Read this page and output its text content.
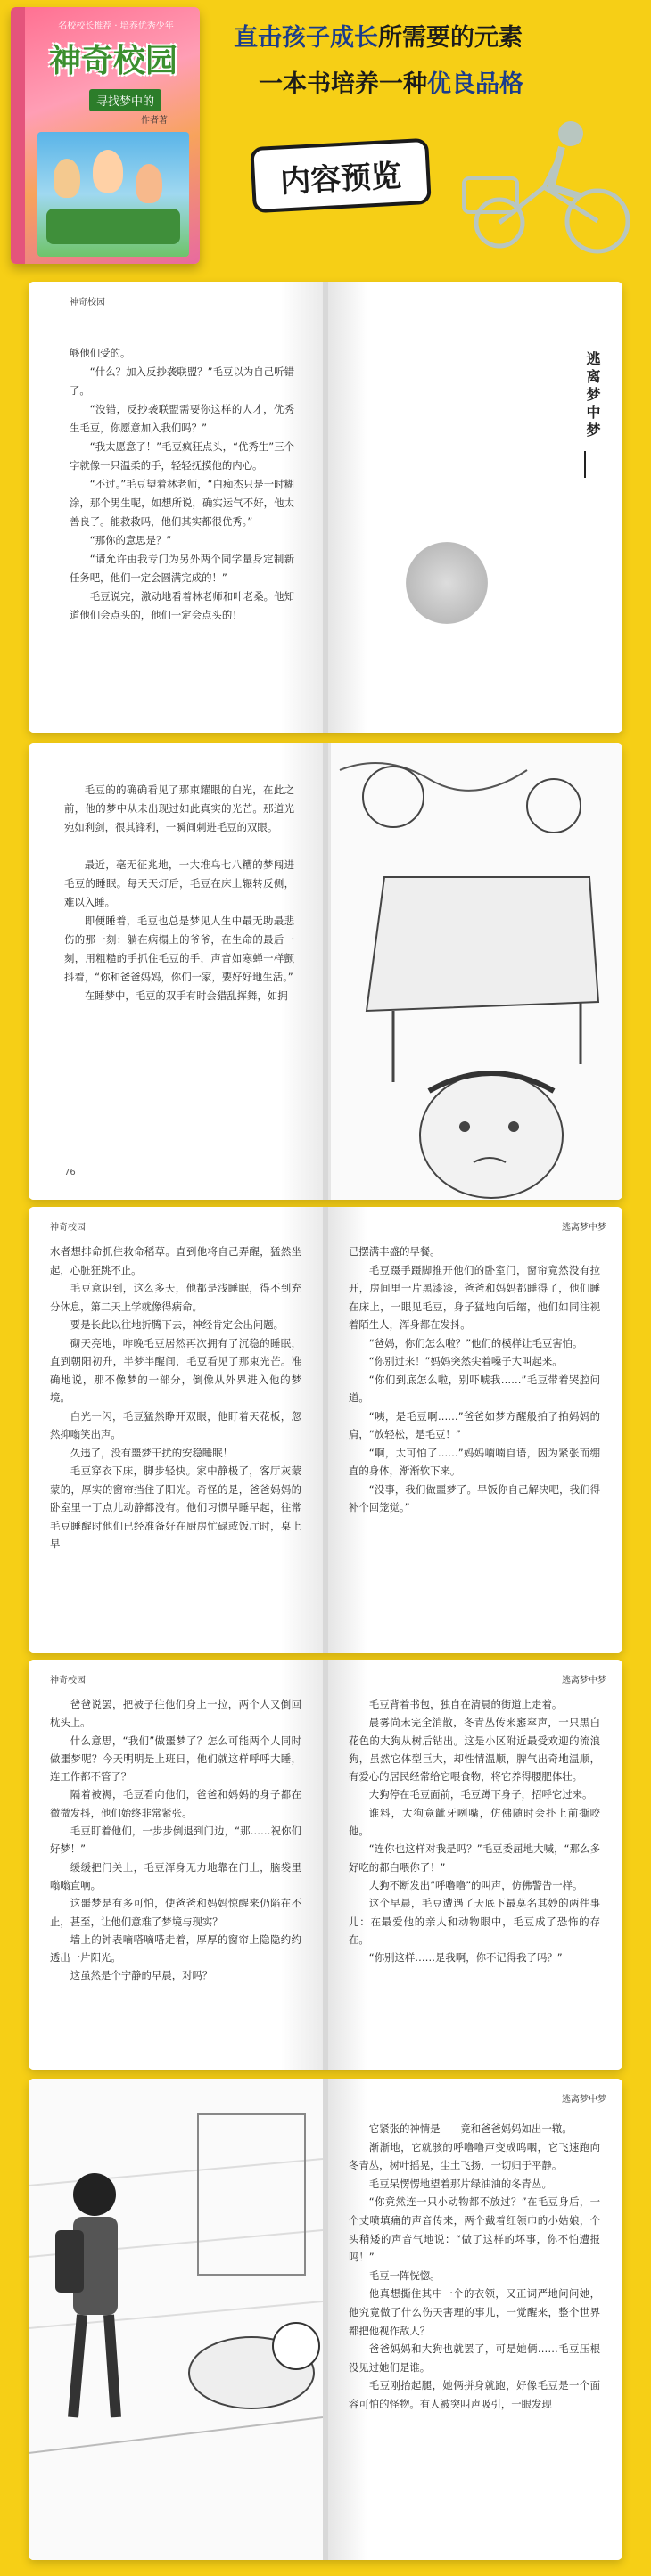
名校校长推荐 · 培养优秀少年
神奇校园
寻找梦中的
作者著
直击孩子成长所需要的元素
一本书培养一种优良品格
内容预览
神奇校园

够他们受的。

“什么？加入反抄袭联盟？”毛豆以为自己听错了。

“没错，反抄袭联盟需要你这样的人才，优秀生毛豆，你愿意加入我们吗？”

“我太愿意了！”毛豆疯狂点头，“优秀生”三个字就像一只温柔的手，轻轻抚摸他的内心。

“不过。”毛豆望着林老师，“白痴杰只是一时糊涂，那个男生呢，如想所说，确实运气不好，他太善良了。能救救吗，他们其实都很优秀。”

“那你的意思是？”

“请允许由我专门为另外两个同学量身定制新任务吧，他们一定会圆满完成的！”

毛豆说完，激动地看着林老师和叶老桑。他知道他们会点头的，他们一定会点头的！

逃离梦中梦

毛豆的的确确看见了那束耀眼的白光，在此之前，他的梦中从未出现过如此真实的光芒。那道光宛如利剑，很其锋利，一瞬间刺进毛豆的双眼。

最近，毫无征兆地，一大堆乌七八糟的梦闯进毛豆的睡眠。每天天灯后，毛豆在床上辗转反侧，难以入睡。

即便睡着，毛豆也总是梦见人生中最无助最悲伤的那一刻：躺在病榻上的爷爷，在生命的最后一刻，用粗糙的手抓住毛豆的手，声音如寒蝉一样颤抖着，“你和爸爸妈妈，你们一家，要好好地生活。”

在睡梦中，毛豆的双手有时会猎乱挥舞，如拥

76
神奇校园

水者想排命抓住救命稻草。直到他将自己弄醒，猛然坐起，心脏狂跳不止。

毛豆意识到，这么多天，他都是浅睡眠，得不到充分休息，第二天上学就像得病命。

要是长此以往地折腾下去，神经肯定会出问题。

砌天亮地，咋晚毛豆居然再次拥有了沉稳的睡眠，直到朝阳初升，半梦半醒间，毛豆看见了那束光芒。准确地说，那不像梦的一部分，倒像从外界进入他的梦境。

白光一闪，毛豆猛然睁开双眼，他盯着天花板，忽然抑嗡笑出声。

久违了，没有噩梦干扰的安稳睡眠！

毛豆穿衣下床，脚步轻快。家中静极了，客厅灰蒙蒙的，厚实的窗帘挡住了阳光。奇怪的是，爸爸妈妈的卧室里一丁点儿动静都没有。他们习惯早睡早起，往常毛豆睡醒时他们已经准备好在厨房忙碌或饭厅时，桌上早

逃离梦中梦

已摆满丰盛的早餐。

毛豆蹑手蹑脚推开他们的卧室门，窗帘竟然没有拉开，房间里一片黑漆漆，爸爸和妈妈都睡得了，他们睡在床上，一眼见毛豆，身子猛地向后缩，他们如同注视着陌生人，浑身都在发抖。

“爸妈，你们怎么啦？”他们的模样让毛豆害怕。

“你别过来！”妈妈突然尖着嗓子大叫起来。

“你们到底怎么啦，别吓唬我……”毛豆带着哭腔问道。

“咦，是毛豆啊……”爸爸如梦方醒般拍了拍妈妈的肩，“放轻松，是毛豆！”

“啊，太可怕了……”妈妈喃喃自语，因为紧张而绷直的身体，渐渐软下来。

“没事，我们做噩梦了。早饭你自己解决吧，我们得补个回笼觉。”

神奇校园

爸爸说罢，把被子往他们身上一拉，两个人又倒回枕头上。

什么意思，“我们”做噩梦了？怎么可能两个人同时做噩梦呢？今天明明是上班日，他们就这样呼呼大睡，连工作都不管了？

隔着被褥，毛豆看向他们，爸爸和妈妈的身子都在微微发抖，他们始终非常紧张。

毛豆盯着他们，一步步倒退到门边，“那……祝你们好梦！”

缓缓把门关上，毛豆浑身无力地靠在门上，脑袋里嗡嗡直响。

这噩梦是有多可怕，使爸爸和妈妈惊醒来仍陷在不止，甚至，让他们意难了梦境与现实？

墙上的钟表嘀嗒嘀嗒走着，厚厚的窗帘上隐隐约约透出一片阳光。

这虽然是个宁静的早晨，对吗？

逃离梦中梦

毛豆背着书包，独自在清晨的街道上走着。

晨雾尚未完全消散，冬青丛传来窸窣声，一只黑白花色的大狗从树后钻出。这是小区附近最受欢迎的流浪狗，虽然它体型巨大，却性情温顺，脾气出奇地温顺，有爱心的居民经常给它喂食物，将它养得腰肥体壮。

大狗停在毛豆面前，毛豆蹲下身子，招呼它过来。

谁料，大狗竟龇牙咧嘴，仿佛随时会扑上前撕咬他。

“连你也这样对我是吗？”毛豆委屈地大喊，“那么多好吃的都白喂你了！”

大狗不断发出“呼噜噜”的叫声，仿佛警告一样。

这个早晨，毛豆遭遇了天底下最莫名其妙的两件事儿：在最爱他的亲人和动物眼中，毛豆成了恐怖的存在。

“你别这样……是我啊，你不记得我了吗？”

逃离梦中梦

它紧张的神情是——竟和爸爸妈妈如出一辙。

渐渐地，它就骇的呼噜噜声变成呜咽，它飞速跑向冬青丛，树叶摇晃，尘土飞扬，一切归于平静。

毛豆呆愣愣地望着那片绿油油的冬青丛。

“你竟然连一只小动物都不放过？”在毛豆身后，一个丈喷填痛的声音传来，两个戴着红领巾的小姑娘，个头稍矮的声音气地说：“做了这样的坏事，你不怕遭报吗！”

毛豆一阵恍惚。

他真想撕住其中一个的衣领，又正词严地问问她，他究竟做了什么伤天害理的事儿，一觉醒来，整个世界都把他视作敌人？

爸爸妈妈和大狗也就罢了，可是她俩……毛豆压根没见过她们是谁。

毛豆刚抬起腿，她俩拼身就跑，好像毛豆是一个面容可怕的怪物。有人被突叫声吸引，一眼发现
